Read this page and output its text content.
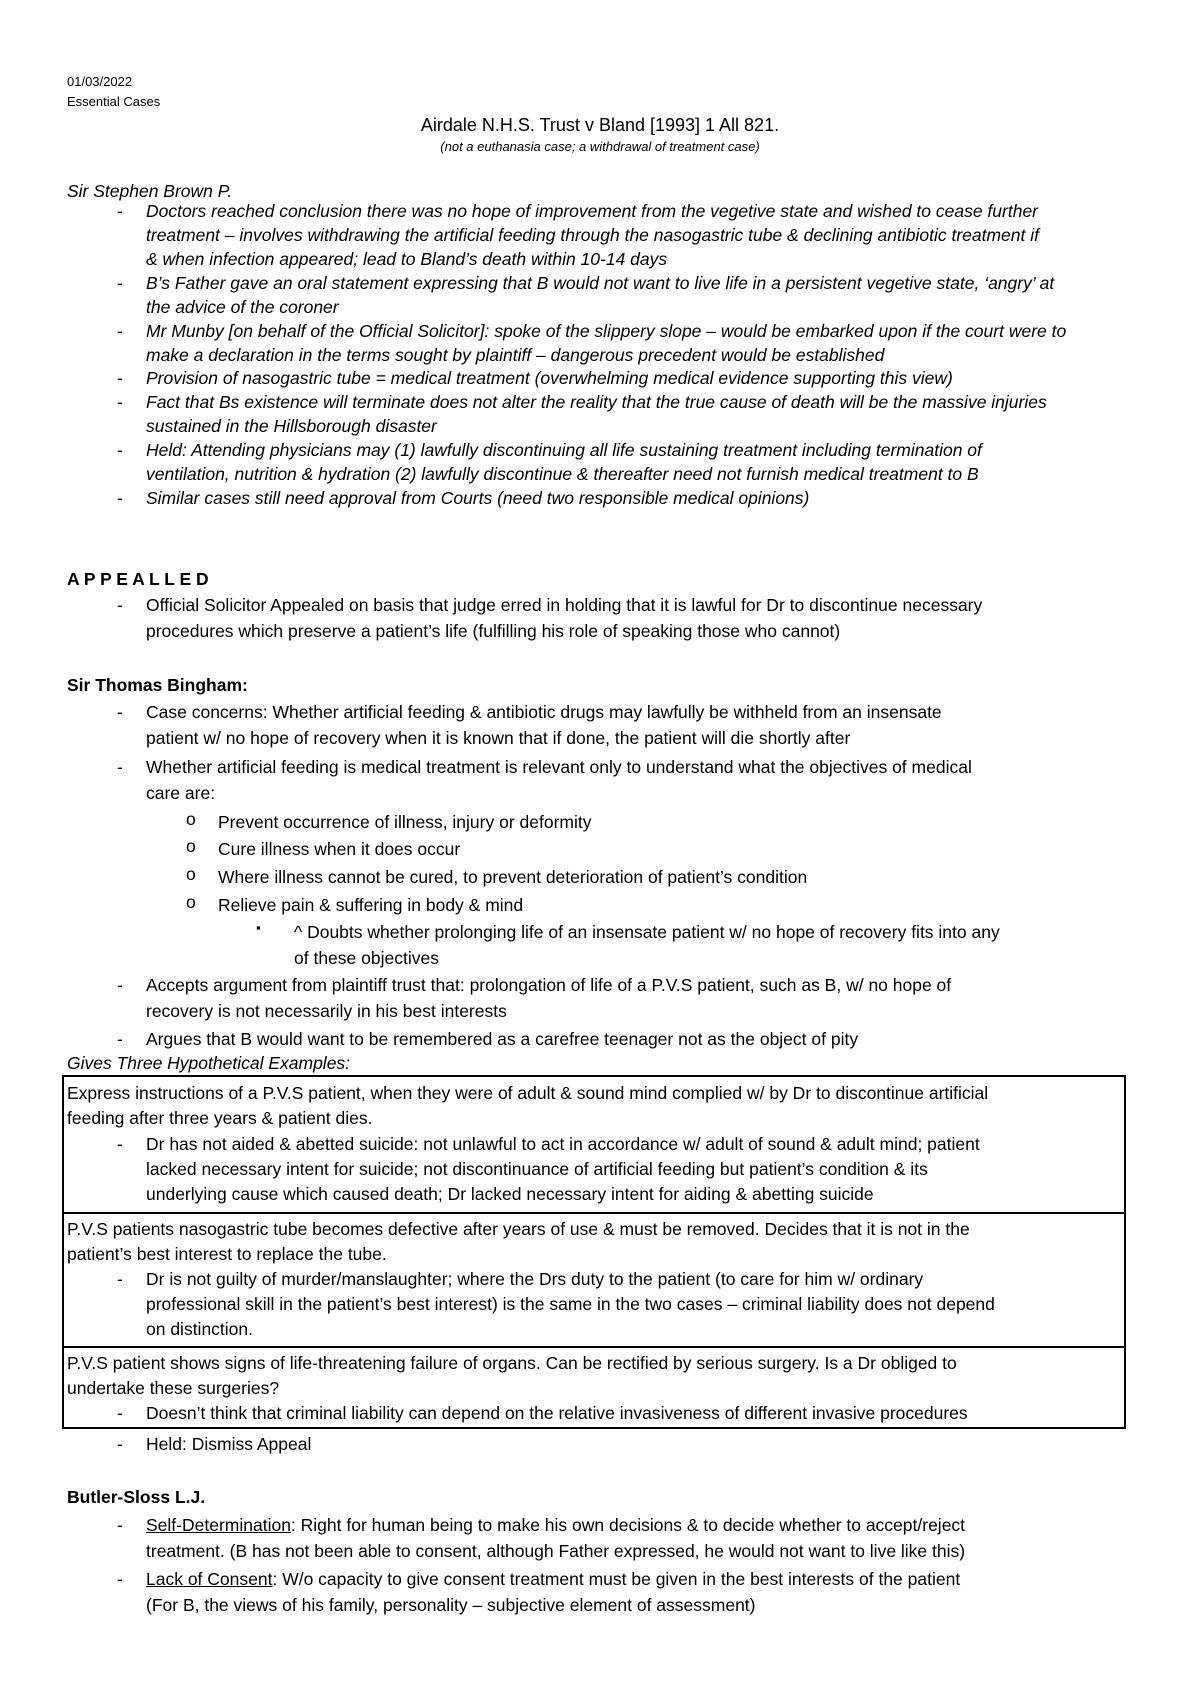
01/03/2022
Essential Cases
Airdale N.H.S. Trust v Bland [1993] 1 All 821.
(not a euthanasia case; a withdrawal of treatment case)
Sir Stephen Brown P.
- Doctors reached conclusion there was no hope of improvement from the vegetive state and wished to cease further
treatment – involves withdrawing the artificial feeding through the nasogastric tube & declining antibiotic treatment if
& when infection appeared; lead to Bland’s death within 10-14 days
- B’s Father gave an oral statement expressing that B would not want to live life in a persistent vegetive state, ‘angry’ at
the advice of the coroner
- Mr Munby [on behalf of the Official Solicitor]: spoke of the slippery slope – would be embarked upon if the court were to
make a declaration in the terms sought by plaintiff – dangerous precedent would be established
- Provision of nasogastric tube = medical treatment (overwhelming medical evidence supporting this view)
- Fact that Bs existence will terminate does not alter the reality that the true cause of death will be the massive injuries
sustained in the Hillsborough disaster
- Held: Attending physicians may (1) lawfully discontinuing all life sustaining treatment including termination of
ventilation, nutrition & hydration (2) lawfully discontinue & thereafter need not furnish medical treatment to B
- Similar cases still need approval from Courts (need two responsible medical opinions)
A P P E A L L E D
- Official Solicitor Appealed on basis that judge erred in holding that it is lawful for Dr to discontinue necessary
procedures which preserve a patient’s life (fulfilling his role of speaking those who cannot)
Sir Thomas Bingham:
- Case concerns: Whether artificial feeding & antibiotic drugs may lawfully be withheld from an insensate
patient w/ no hope of recovery when it is known that if done, the patient will die shortly after
- Whether artificial feeding is medical treatment is relevant only to understand what the objectives of medical
care are:
o Prevent occurrence of illness, injury or deformity
o Cure illness when it does occur
o Where illness cannot be cured, to prevent deterioration of patient’s condition
o Relieve pain & suffering in body & mind
▪ ^ Doubts whether prolonging life of an insensate patient w/ no hope of recovery fits into any
of these objectives
- Accepts argument from plaintiff trust that: prolongation of life of a P.V.S patient, such as B, w/ no hope of
recovery is not necessarily in his best interests
- Argues that B would want to be remembered as a carefree teenager not as the object of pity
Gives Three Hypothetical Examples:
Express instructions of a P.V.S patient, when they were of adult & sound mind complied w/ by Dr to discontinue artificial
feeding after three years & patient dies.
- Dr has not aided & abetted suicide: not unlawful to act in accordance w/ adult of sound & adult mind; patient
lacked necessary intent for suicide; not discontinuance of artificial feeding but patient’s condition & its
underlying cause which caused death; Dr lacked necessary intent for aiding & abetting suicide
P.V.S patients nasogastric tube becomes defective after years of use & must be removed. Decides that it is not in the
patient’s best interest to replace the tube.
- Dr is not guilty of murder/manslaughter; where the Drs duty to the patient (to care for him w/ ordinary
professional skill in the patient’s best interest) is the same in the two cases – criminal liability does not depend
on distinction.
P.V.S patient shows signs of life-threatening failure of organs. Can be rectified by serious surgery. Is a Dr obliged to
undertake these surgeries?
- Doesn’t think that criminal liability can depend on the relative invasiveness of different invasive procedures
- Held: Dismiss Appeal
Butler-Sloss L.J.
- Self-Determination: Right for human being to make his own decisions & to decide whether to accept/reject
treatment. (B has not been able to consent, although Father expressed, he would not want to live like this)
- Lack of Consent: W/o capacity to give consent treatment must be given in the best interests of the patient
(For B, the views of his family, personality – subjective element of assessment)
